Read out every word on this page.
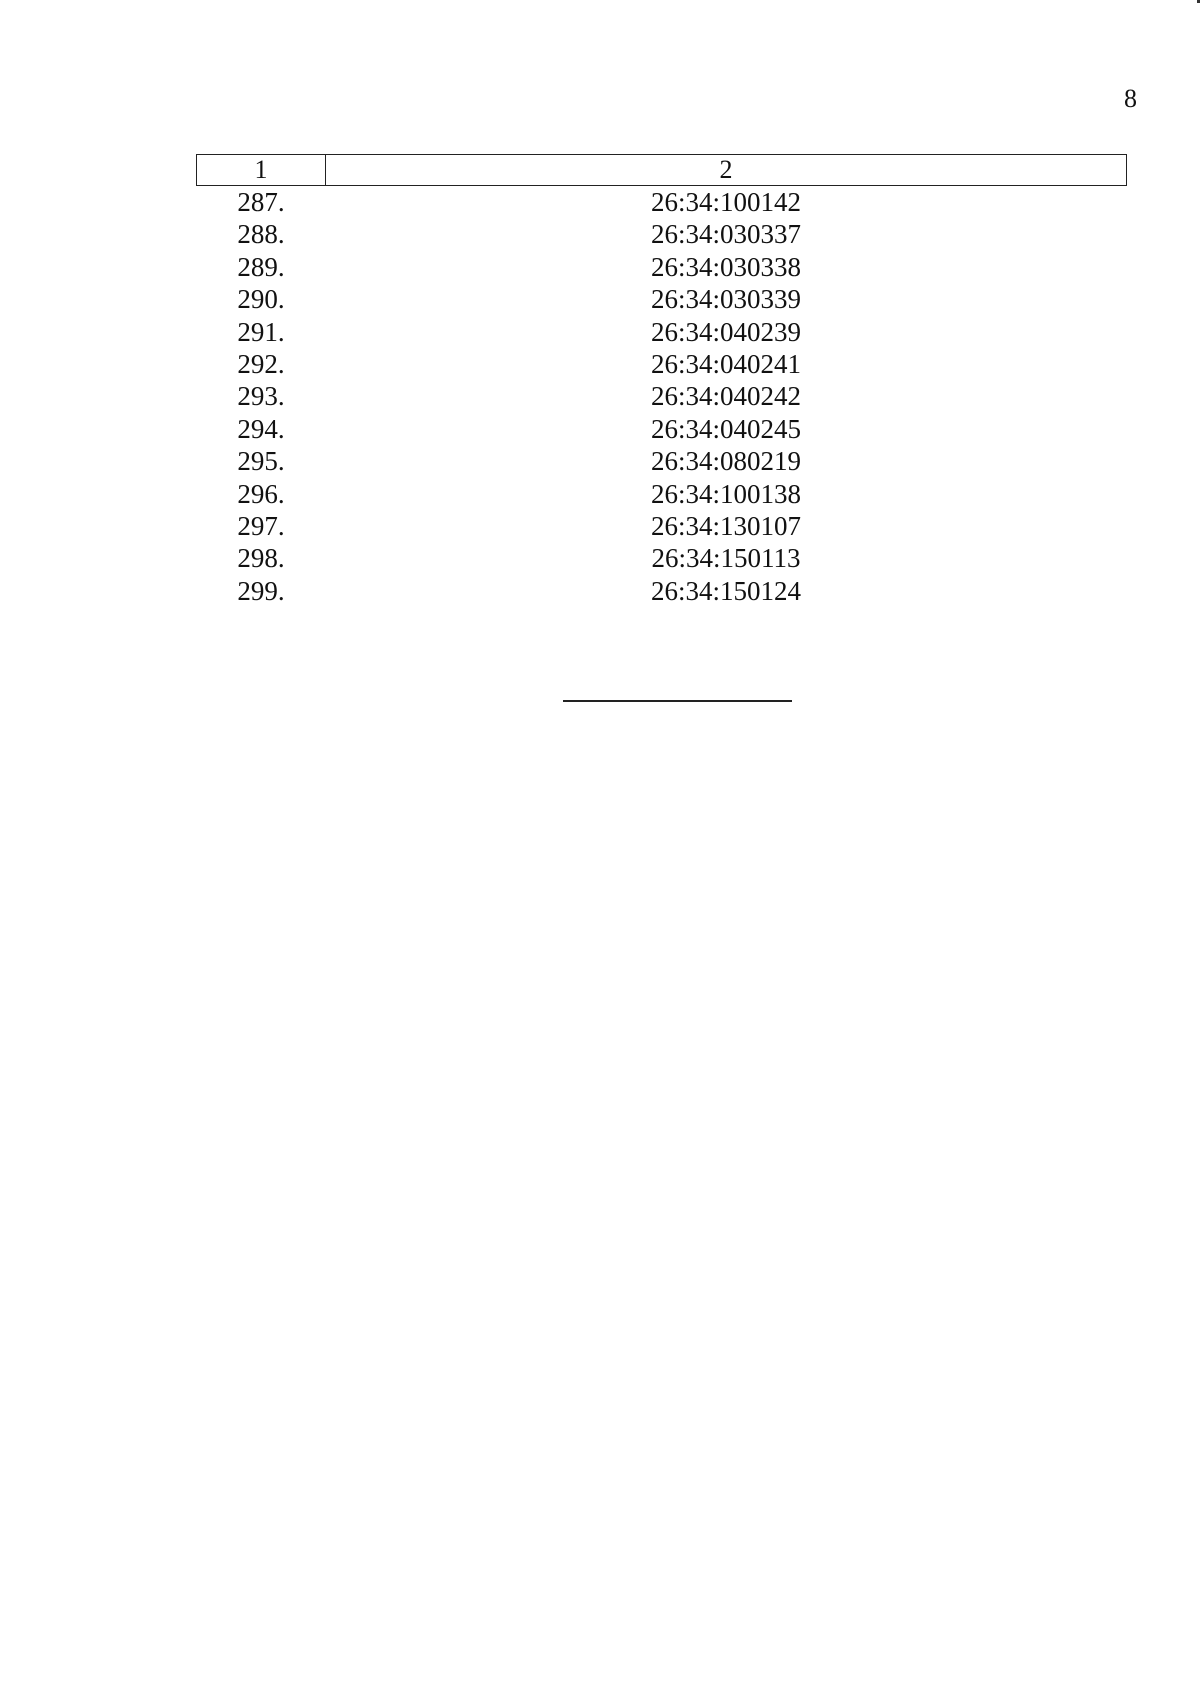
8
1	2
287.	26:34:100142
288.	26:34:030337
289.	26:34:030338
290.	26:34:030339
291.	26:34:040239
292.	26:34:040241
293.	26:34:040242
294.	26:34:040245
295.	26:34:080219
296.	26:34:100138
297.	26:34:130107
298.	26:34:150113
299.	26:34:150124
